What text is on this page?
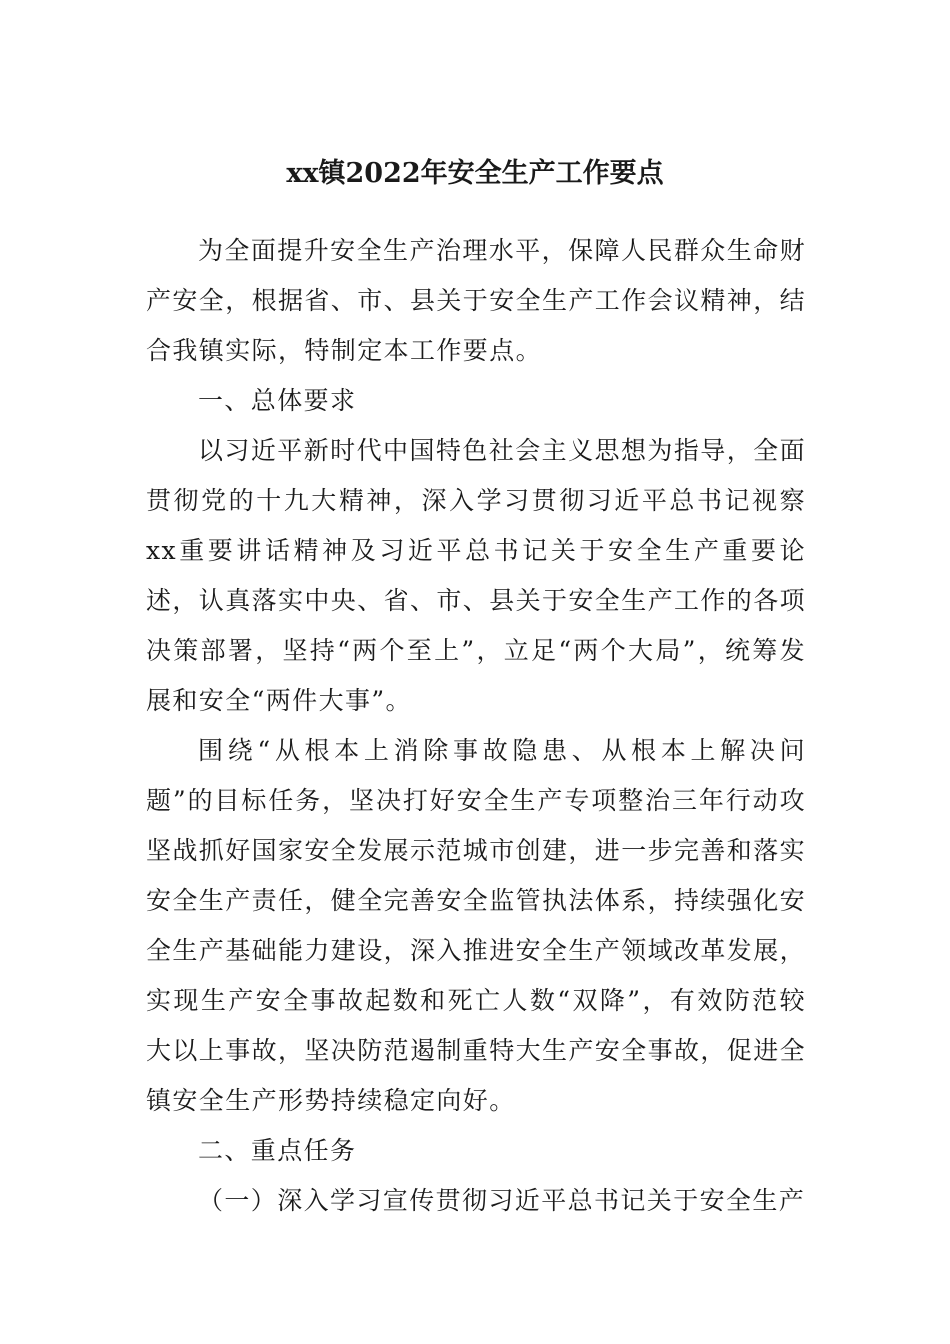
xx镇2022年安全生产工作要点

为全面提升安全生产治理水平，保障人民群众生命财产安全，根据省、市、县关于安全生产工作会议精神，结合我镇实际，特制定本工作要点。

一、总体要求

以习近平新时代中国特色社会主义思想为指导，全面贯彻党的十九大精神，深入学习贯彻习近平总书记视察xx重要讲话精神及习近平总书记关于安全生产重要论述，认真落实中央、省、市、县关于安全生产工作的各项决策部署，坚持“两个至上”，立足“两个大局”，统筹发展和安全“两件大事”。

围绕“从根本上消除事故隐患、从根本上解决问题”的目标任务，坚决打好安全生产专项整治三年行动攻坚战抓好国家安全发展示范城市创建，进一步完善和落实安全生产责任，健全完善安全监管执法体系，持续强化安全生产基础能力建设，深入推进安全生产领域改革发展，实现生产安全事故起数和死亡人数“双降”，有效防范较大以上事故，坚决防范遏制重特大生产安全事故，促进全镇安全生产形势持续稳定向好。

二、重点任务

（一）深入学习宣传贯彻习近平总书记关于安全生产
